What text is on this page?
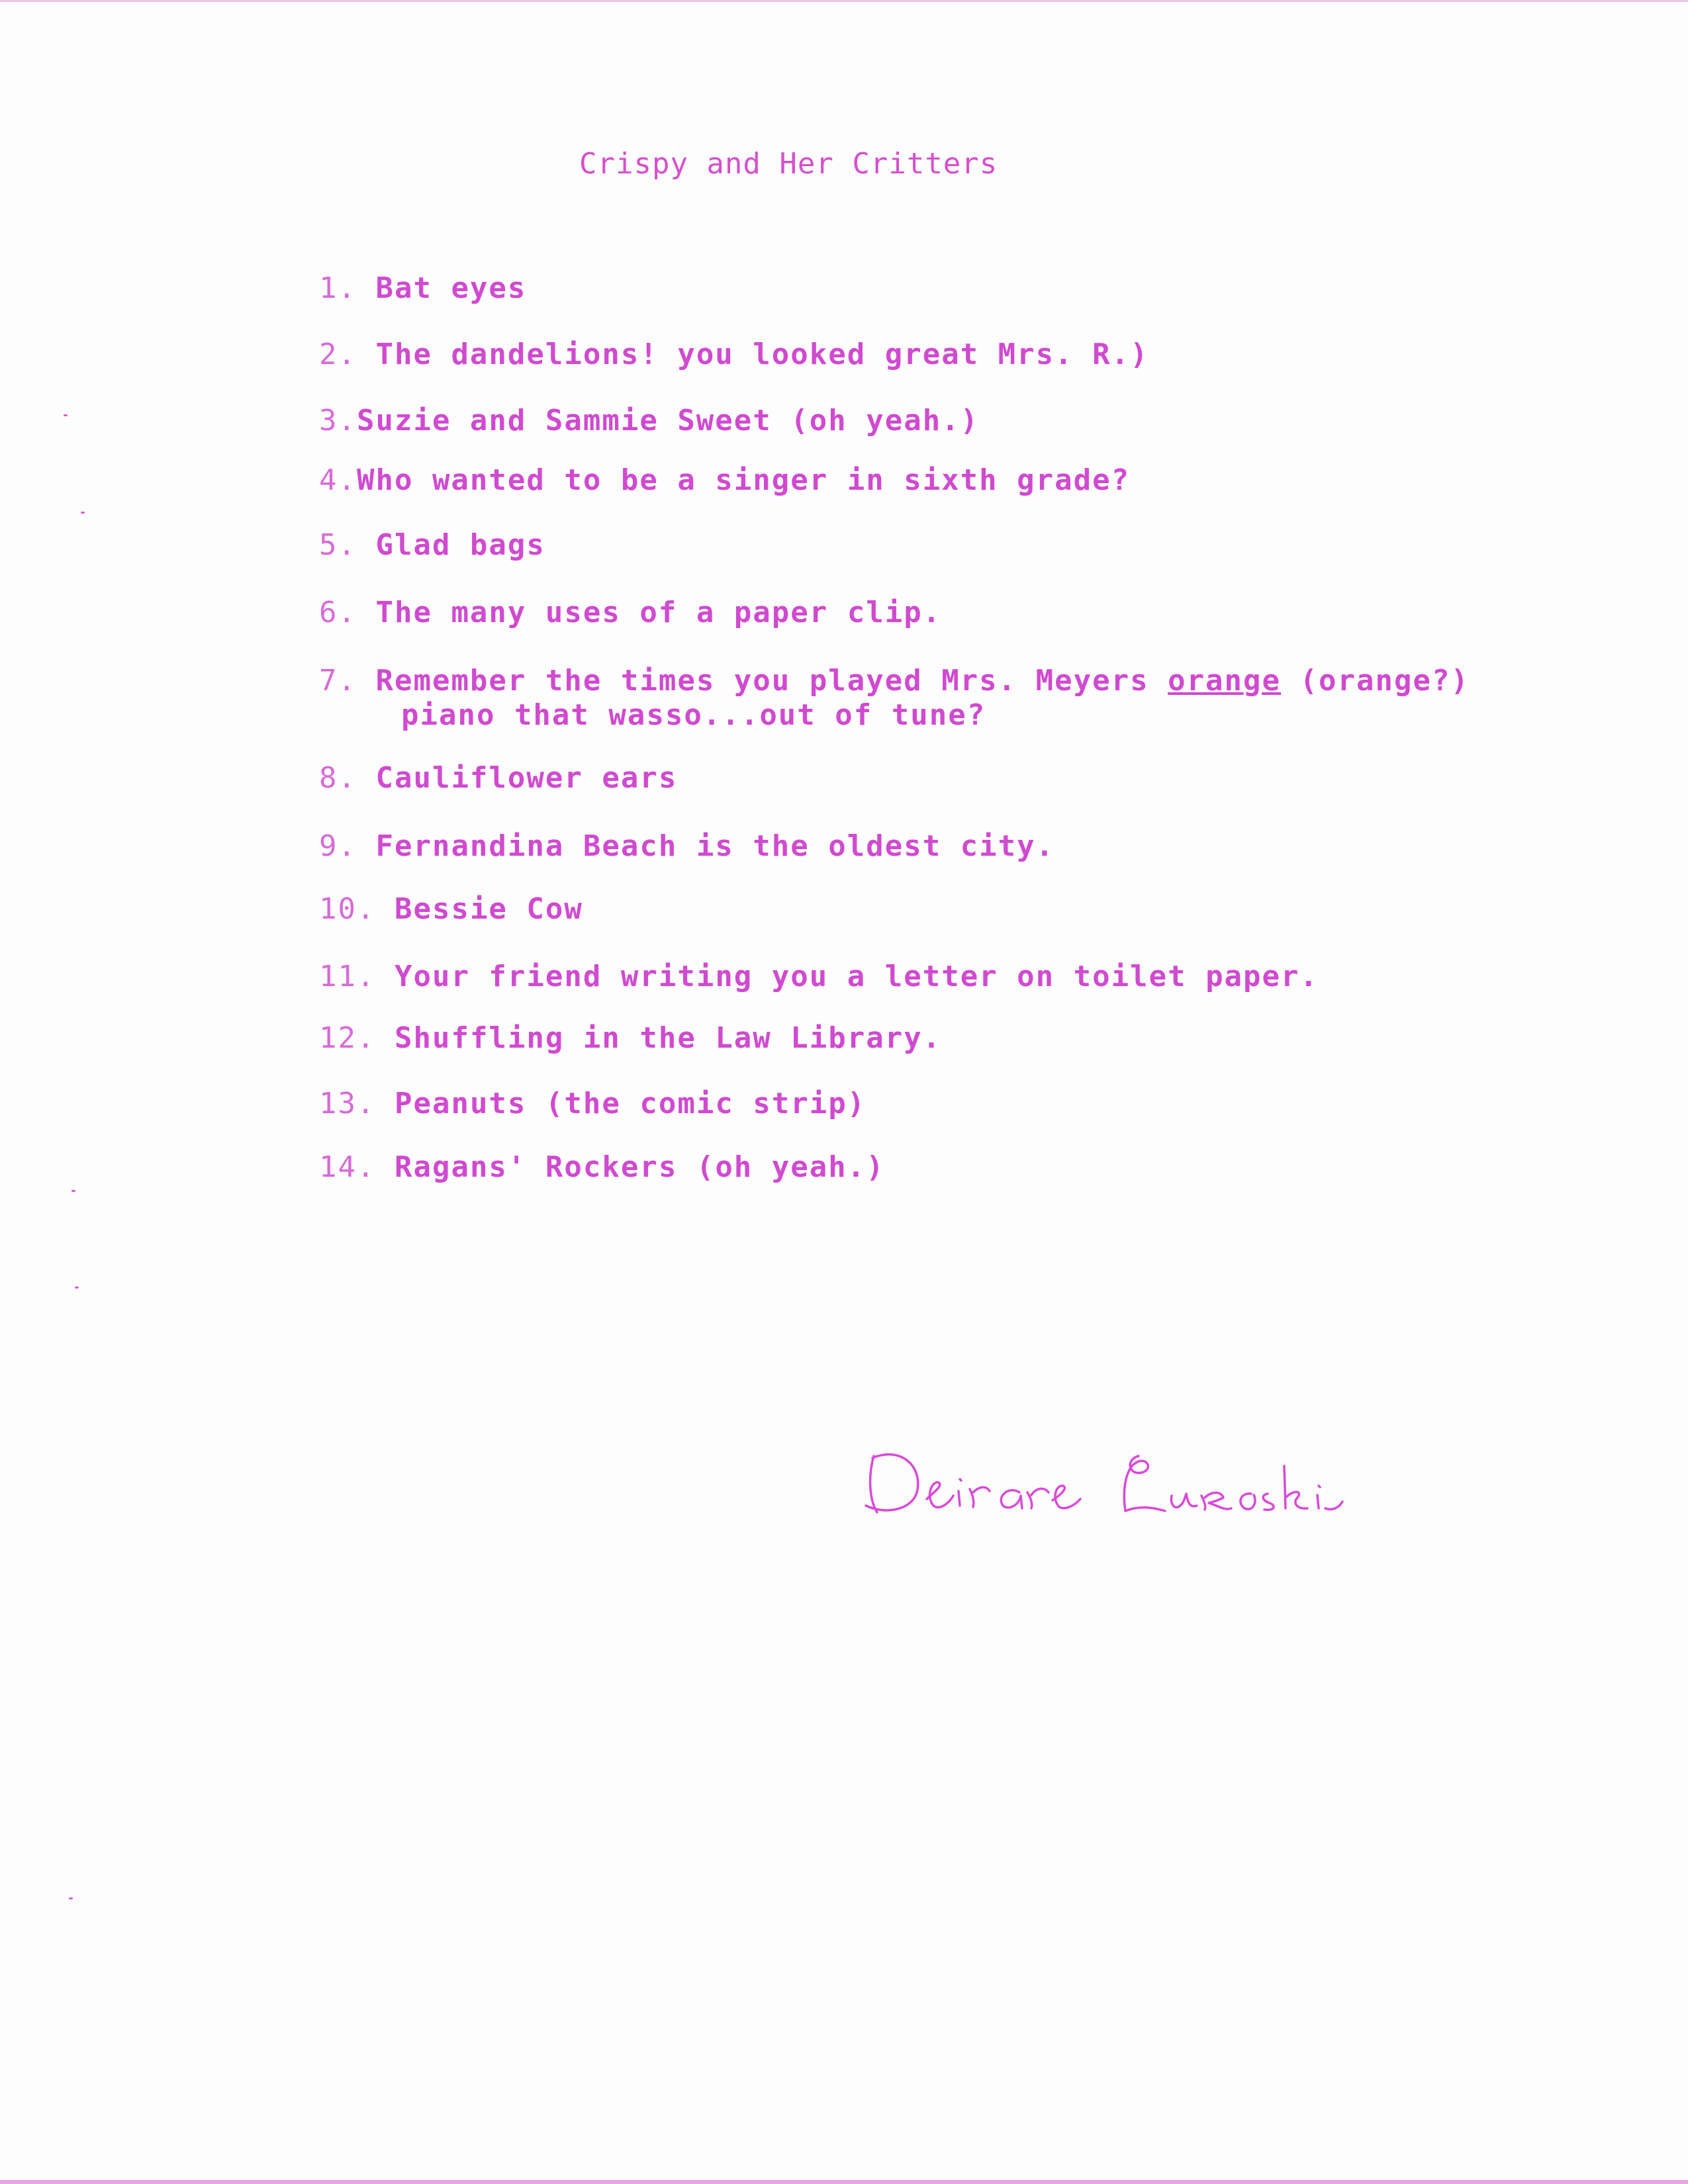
Crispy and Her Critters
1. Bat eyes
2. The dandelions! you looked great Mrs. R.)
3.Suzie and Sammie Sweet (oh yeah.)
4.Who wanted to be a singer in sixth grade?
5. Glad bags
6. The many uses of a paper clip.
7. Remember the times you played Mrs. Meyers orange (orange?)
piano that wasso...out of tune?
8. Cauliflower ears
9. Fernandina Beach is the oldest city.
10. Bessie Cow
11. Your friend writing you a letter on toilet paper.
12. Shuffling in the Law Library.
13. Peanuts (the comic strip)
14. Ragans' Rockers (oh yeah.)
